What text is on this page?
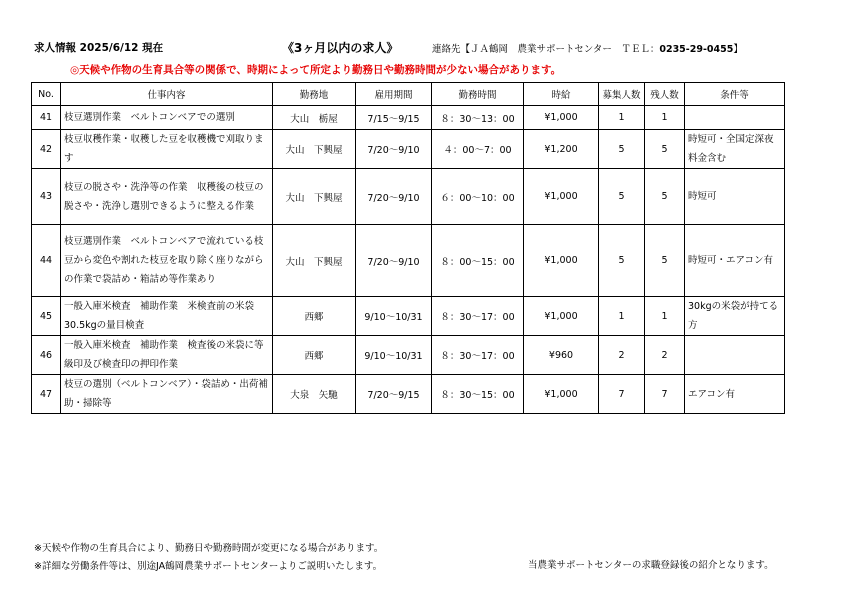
求人情報 2025/6/12 現在	《3ヶ月以内の求人》	連絡先【ＪＡ鶴岡　農業サポートセンター　ＴＥＬ：0235-29-0455】
◎天候や作物の生育具合等の関係で、時期によって所定より勤務日や勤務時間が少ない場合があります。
No.	仕事内容	勤務地	雇用期間	勤務時間	時給	募集人数	残人数	条件等
41	枝豆選別作業　ベルトコンベアでの選別	大山　栃屋	7/15～9/15	８：30～13：00	¥1,000	1	1	
42	枝豆収穫作業・収穫した豆を収穫機で刈取ります	大山　下興屋	7/20～9/10	４：00～7：00	¥1,200	5	5	時短可・全国定深夜料金含む
43	枝豆の脱さや・洗浄等の作業　収穫後の枝豆の脱さや・洗浄し選別できるように整える作業	大山　下興屋	7/20～9/10	６：00～10：00	¥1,000	5	5	時短可
44	枝豆選別作業　ベルトコンベアで流れている枝豆から変色や割れた枝豆を取り除く座りながらの作業で袋詰め・箱詰め等作業あり	大山　下興屋	7/20～9/10	８：00～15：00	¥1,000	5	5	時短可・エアコン有
45	一般入庫米検査　補助作業　米検査前の米袋30.5kgの量目検査	西郷	9/10～10/31	８：30～17：00	¥1,000	1	1	30kgの米袋が持てる方
46	一般入庫米検査　補助作業　検査後の米袋に等級印及び検査印の押印作業	西郷	9/10～10/31	８：30～17：00	¥960	2	2	
47	枝豆の選別（ベルトコンベア）・袋詰め・出荷補助・掃除等	大泉　矢馳	7/20～9/15	８：30～15：00	¥1,000	7	7	エアコン有
※天候や作物の生育具合により、勤務日や勤務時間が変更になる場合があります。
※詳細な労働条件等は、別途JA鶴岡農業サポートセンターよりご説明いたします。	当農業サポートセンターの求職登録後の紹介となります。
